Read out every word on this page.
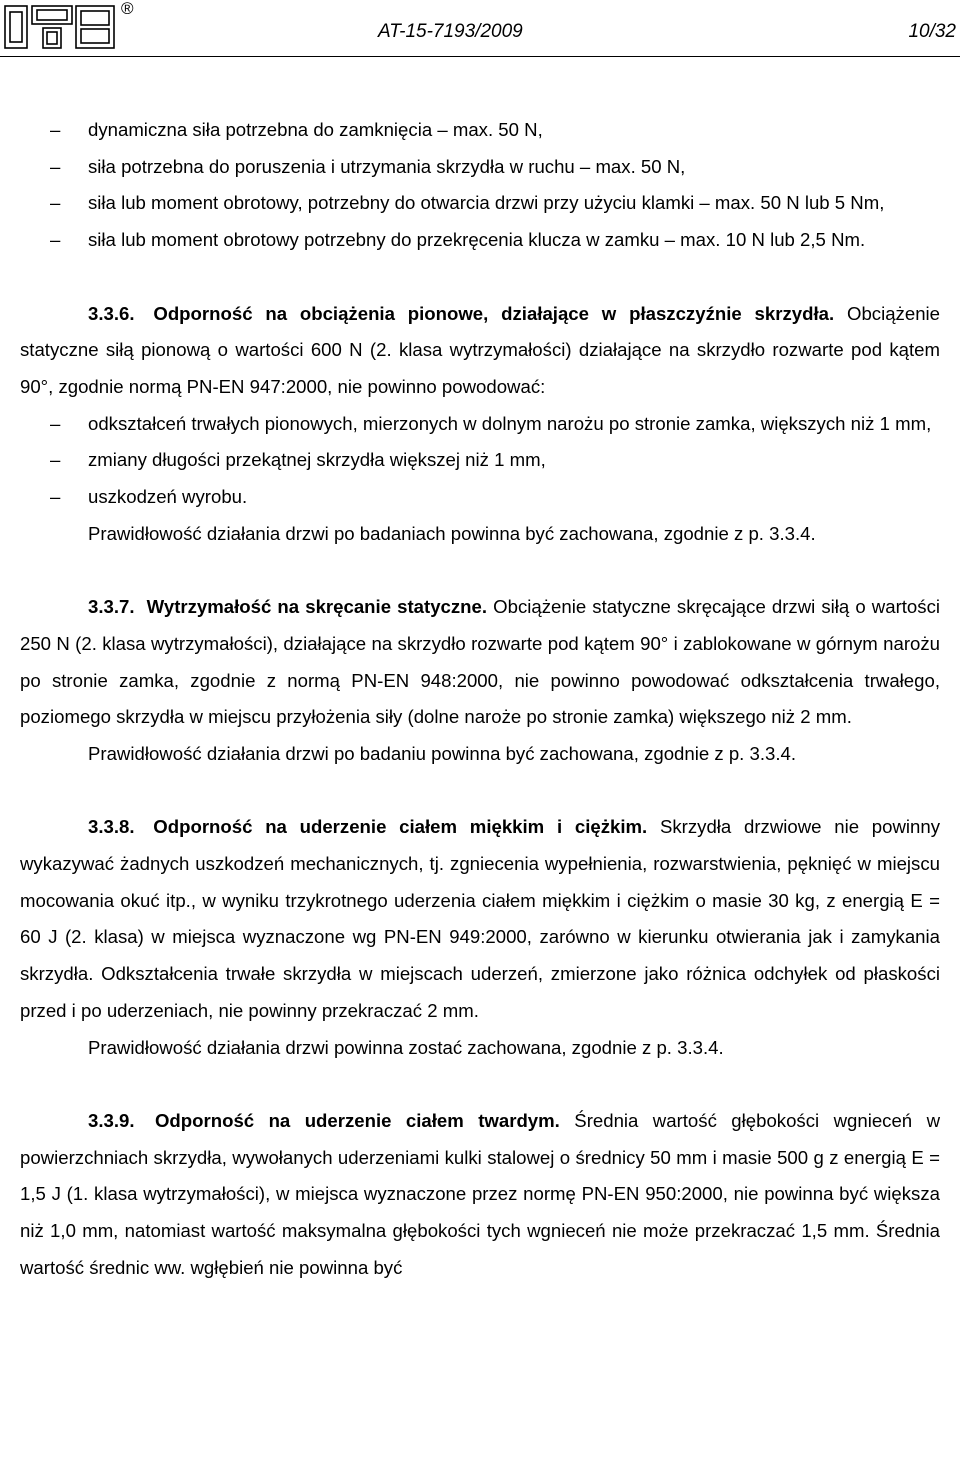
®
AT-15-7193/2009	10/32
– dynamiczna siła potrzebna do zamknięcia – max. 50 N,
– siła potrzebna do poruszenia i utrzymania skrzydła w ruchu – max. 50 N,
– siła lub moment obrotowy, potrzebny do otwarcia drzwi przy użyciu klamki – max. 50 N lub 5 Nm,
– siła lub moment obrotowy potrzebny do przekręcenia klucza w zamku – max. 10 N lub 2,5 Nm.
3.3.6. Odporność na obciążenia pionowe, działające w płaszczyźnie skrzydła. Obciążenie statyczne siłą pionową o wartości 600 N (2. klasa wytrzymałości) działające na skrzydło rozwarte pod kątem 90°, zgodnie normą PN-EN 947:2000, nie powinno powodować:
– odkształceń trwałych pionowych, mierzonych w dolnym narożu po stronie zamka, większych niż 1 mm,
– zmiany długości przekątnej skrzydła większej niż 1 mm,
– uszkodzeń wyrobu.
Prawidłowość działania drzwi po badaniach powinna być zachowana, zgodnie z p. 3.3.4.
3.3.7. Wytrzymałość na skręcanie statyczne. Obciążenie statyczne skręcające drzwi siłą o wartości 250 N (2. klasa wytrzymałości), działające na skrzydło rozwarte pod kątem 90° i zablokowane w górnym narożu po stronie zamka, zgodnie z normą PN-EN 948:2000, nie powinno powodować odkształcenia trwałego, poziomego skrzydła w miejscu przyłożenia siły (dolne naroże po stronie zamka) większego niż 2 mm.
Prawidłowość działania drzwi po badaniu powinna być zachowana, zgodnie z p. 3.3.4.
3.3.8. Odporność na uderzenie ciałem miękkim i ciężkim. Skrzydła drzwiowe nie powinny wykazywać żadnych uszkodzeń mechanicznych, tj. zgniecenia wypełnienia, rozwarstwienia, pęknięć w miejscu mocowania okuć itp., w wyniku trzykrotnego uderzenia ciałem miękkim i ciężkim o masie 30 kg, z energią E = 60 J (2. klasa) w miejsca wyznaczone wg PN-EN 949:2000, zarówno w kierunku otwierania jak i zamykania skrzydła. Odkształcenia trwałe skrzydła w miejscach uderzeń, zmierzone jako różnica odchyłek od płaskości przed i po uderzeniach, nie powinny przekraczać 2 mm.
Prawidłowość działania drzwi powinna zostać zachowana, zgodnie z p. 3.3.4.
3.3.9. Odporność na uderzenie ciałem twardym. Średnia wartość głębokości wgnieceń w powierzchniach skrzydła, wywołanych uderzeniami kulki stalowej o średnicy 50 mm i masie 500 g z energią E = 1,5 J (1. klasa wytrzymałości), w miejsca wyznaczone przez normę PN-EN 950:2000, nie powinna być większa niż 1,0 mm, natomiast wartość maksymalna głębokości tych wgnieceń nie może przekraczać 1,5 mm. Średnia wartość średnic ww. wgłębień nie powinna być
